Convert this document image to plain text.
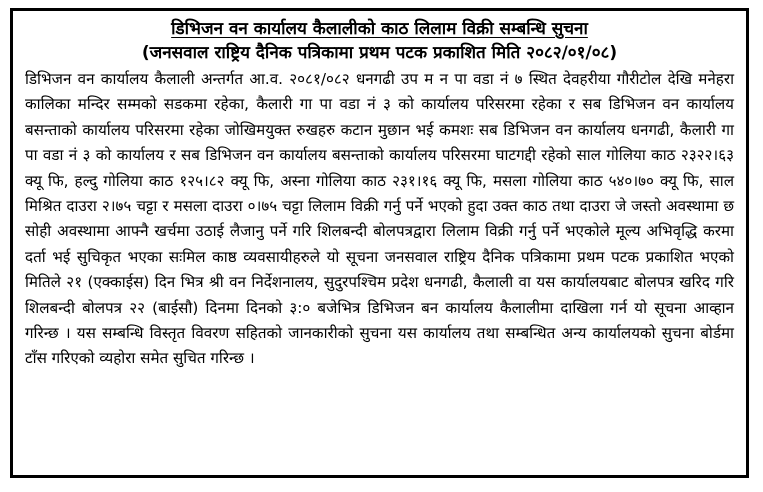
डिभिजन वन कार्यालय कैलालीको काठ लिलाम विक्री सम्बन्धि सुचना
(जनसवाल राष्ट्रिय दैनिक पत्रिकामा प्रथम पटक प्रकाशित मिति २०८२/०१/०८)

डिभिजन वन कार्यालय कैलाली अन्तर्गत आ.व. २०८१/०८२ धनगढी उप म न पा वडा नं ७ स्थित देवहरीया गौरीटोल देखि मनेहरा कालिका मन्दिर सम्मको सडकमा रहेका, कैलारी गा पा वडा नं ३ को कार्यालय परिसरमा रहेका र सब डिभिजन वन कार्यालय बसन्ताको कार्यालय परिसरमा रहेका जोखिमयुक्त रुखहरु कटान मुछान भई कमशः सब डिभिजन वन कार्यालय धनगढी, कैलारी गा पा वडा नं ३ को कार्यालय र सब डिभिजन वन कार्यालय बसन्ताको कार्यालय परिसरमा घाटगद्दी रहेको साल गोलिया काठ २३२२।६३ क्यू फि, हल्दु गोलिया काठ १२५।८२ क्यू फि, अस्ना गोलिया काठ २३१।१६ क्यू फि, मसला गोलिया काठ ५४०।७० क्यू फि, साल मिश्रित दाउरा २।७५ चट्टा र मसला दाउरा ०।७५ चट्टा लिलाम विक्री गर्नु पर्ने भएको हुदा उक्त काठ तथा दाउरा जे जस्तो अवस्थामा छ सोही अवस्थामा आफ्नै खर्चमा उठाई लैजानु पर्ने गरि शिलबन्दी बोलपत्रद्वारा लिलाम विक्री गर्नु पर्ने भएकोले मूल्य अभिवृद्धि करमा दर्ता भई सुचिकृत भएका सःमिल काष्ठ व्यवसायीहरुले यो सूचना जनसवाल राष्ट्रिय दैनिक पत्रिकामा प्रथम पटक प्रकाशित भएको मितिले २१ (एक्काईस) दिन भित्र श्री वन निर्देशनालय, सुदुरपश्चिम प्रदेश धनगढी, कैलाली वा यस कार्यालयबाट बोलपत्र खरिद गरि शिलबन्दी बोलपत्र २२ (बाईसौ) दिनमा दिनको ३:० बजेभित्र डिभिजन बन कार्यालय कैलालीमा दाखिला गर्न यो सूचना आव्हान गरिन्छ । यस सम्बन्धि विस्तृत विवरण सहितको जानकारीको सुचना यस कार्यालय तथा सम्बन्धित अन्य कार्यालयको सुचना बोर्डमा टाँस गरिएको व्यहोरा समेत सुचित गरिन्छ ।
